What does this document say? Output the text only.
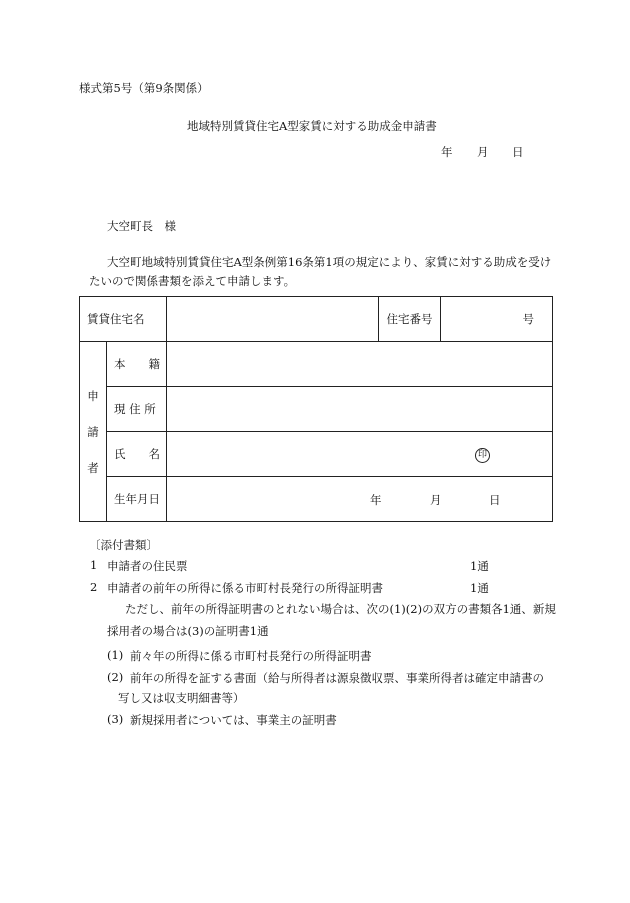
様式第5号（第9条関係）
地域特別賃貸住宅A型家賃に対する助成金申請書
年 月 日
大空町長　様
大空町地域特別賃貸住宅A型条例第16条第1項の規定により、家賃に対する助成を受け
たいので関係書類を添えて申請します。
賃貸住宅名			住宅番号	号

申
請
者	本　　籍			
	現 住 所			
	氏　　名	印		
	生年月日	年 月 日		
〔添付書類〕
1 申請者の住民票	1通
2 申請者の前年の所得に係る市町村長発行の所得証明書	1通
ただし、前年の所得証明書のとれない場合は、次の(1)(2)の双方の書類各1通、新規
採用者の場合は(3)の証明書1通
(1) 前々年の所得に係る市町村長発行の所得証明書
(2) 前年の所得を証する書面（給与所得者は源泉徴収票、事業所得者は確定申請書の
写し又は収支明細書等）
(3) 新規採用者については、事業主の証明書
